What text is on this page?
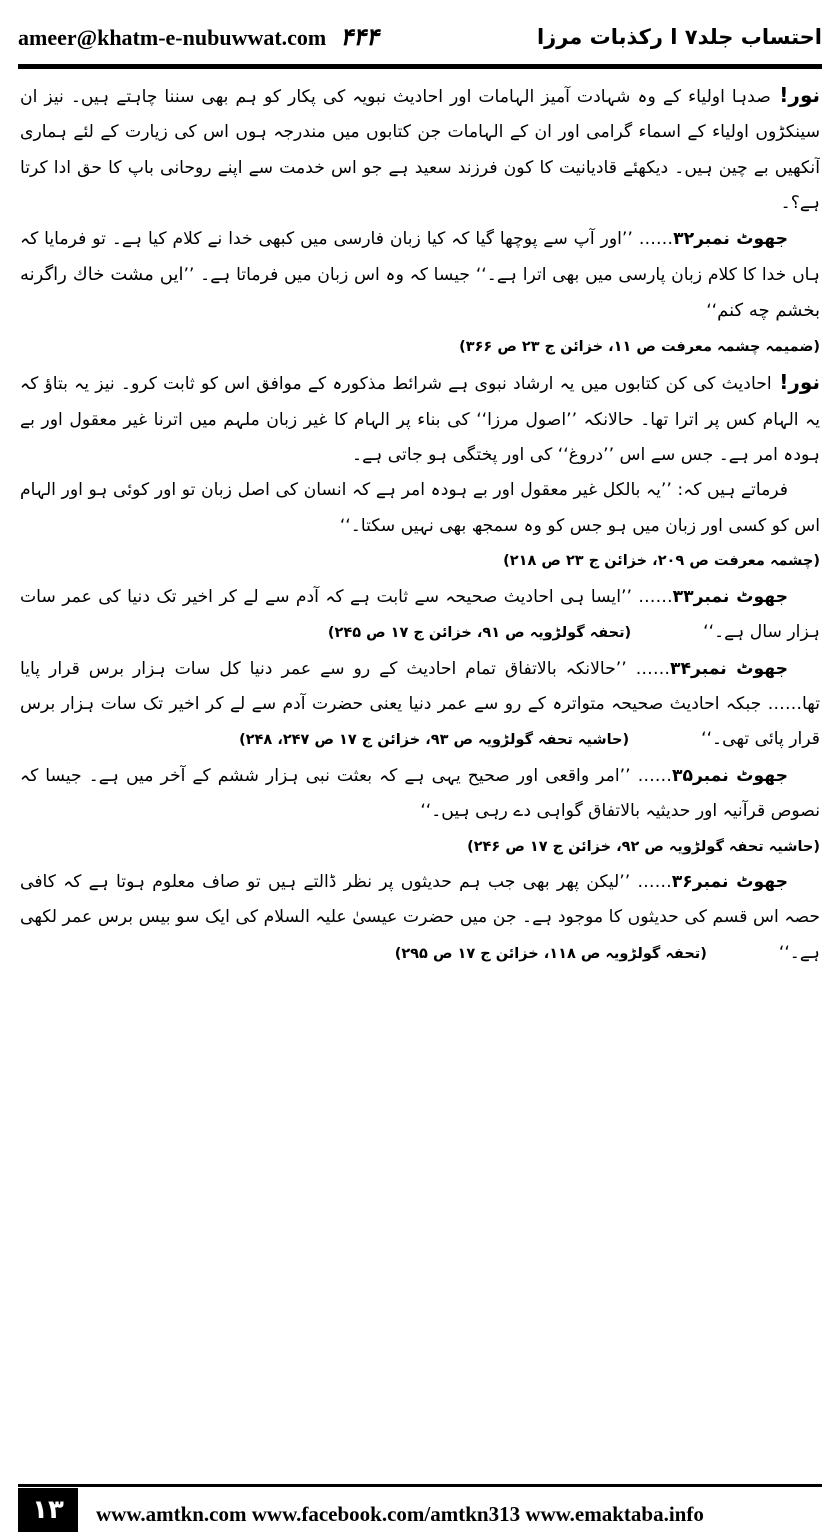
ameer@khatm-e-nubuwwat.com ۴۴۴	احتساب جلد۷ ا رکذبات مرزا

نور! صدہا اولیاء کے وہ شہادت آمیز الہامات اور احادیث نبویہ کی پکار کو ہم بھی سننا چاہتے ہیں۔ نیز ان سینکڑوں اولیاء کے اسماء گرامی اور ان کے الہامات جن کتابوں میں مندرجہ ہوں اس کی زیارت کے لئے ہماری آنکھیں بے چین ہیں۔ دیکھئے قادیانیت کا کون فرزند سعید ہے جو اس خدمت سے اپنے روحانی باپ کا حق ادا کرتا ہے؟۔

جھوٹ نمبر۳۲…… ’’اور آپ سے پوچھا گیا کہ کیا زبان فارسی میں کبھی خدا نے کلام کیا ہے۔ تو فرمایا کہ ہاں خدا کا کلام زبان پارسی میں بھی اترا ہے۔‘‘ جیسا کہ وہ اس زبان میں فرماتا ہے۔ ’’ایں مشت خاك راگرنه بخشم چه کنم‘‘

(ضمیمہ چشمہ معرفت ص ۱۱، خزائن ج ۲۳ ص ۳۶۶)

نور! احادیث کی کن کتابوں میں یہ ارشاد نبوی ہے شرائط مذکورہ کے موافق اس کو ثابت کرو۔ نیز یہ بتاؤ کہ یہ الہام کس پر اترا تھا۔ حالانکہ ’’اصول مرزا‘‘ کی بناء پر الہام کا غیر زبان ملہم میں اترنا غیر معقول اور بے ہودہ امر ہے۔ جس سے اس ’’دروغ‘‘ کی اور پختگی ہو جاتی ہے۔

فرماتے ہیں کہ: ’’یہ بالکل غیر معقول اور بے ہودہ امر ہے کہ انسان کی اصل زبان تو اور کوئی ہو اور الہام اس کو کسی اور زبان میں ہو جس کو وہ سمجھ بھی نہیں سکتا۔‘‘

(چشمہ معرفت ص ۲۰۹، خزائن ج ۲۳ ص ۲۱۸)

جھوٹ نمبر۳۳…… ’’ایسا ہی احادیث صحیحہ سے ثابت ہے کہ آدم سے لے کر اخیر تک دنیا کی عمر سات ہزار سال ہے۔‘‘(تحفہ گولڑویہ ص ۹۱، خزائن ج ۱۷ ص ۲۴۵)

جھوٹ نمبر۳۴…… ’’حالانکہ بالاتفاق تمام احادیث کے رو سے عمر دنیا کل سات ہزار برس قرار پایا تھا…… جبکہ احادیث صحیحہ متواترہ کے رو سے عمر دنیا یعنی حضرت آدم سے لے کر اخیر تک سات ہزار برس قرار پائی تھی۔‘‘(حاشیہ تحفہ گولڑویہ ص ۹۳، خزائن ج ۱۷ ص ۲۴۷، ۲۴۸)

جھوٹ نمبر۳۵…… ’’امر واقعی اور صحیح یہی ہے کہ بعثت نبی ہزار ششم کے آخر میں ہے۔ جیسا کہ نصوص قرآنیہ اور حدیثیہ بالاتفاق گواہی دے رہی ہیں۔‘‘

(حاشیہ تحفہ گولڑویہ ص ۹۲، خزائن ج ۱۷ ص ۲۴۶)

جھوٹ نمبر۳۶…… ’’لیکن پھر بھی جب ہم حدیثوں پر نظر ڈالتے ہیں تو صاف معلوم ہوتا ہے کہ کافی حصہ اس قسم کی حدیثوں کا موجود ہے۔ جن میں حضرت عیسیٰ علیہ السلام کی ایک سو بیس برس عمر لکھی ہے۔‘‘(تحفہ گولڑویہ ص ۱۱۸، خزائن ج ۱۷ ص ۲۹۵)

۱۳	www.amtkn.com www.facebook.com/amtkn313 www.emaktaba.info
